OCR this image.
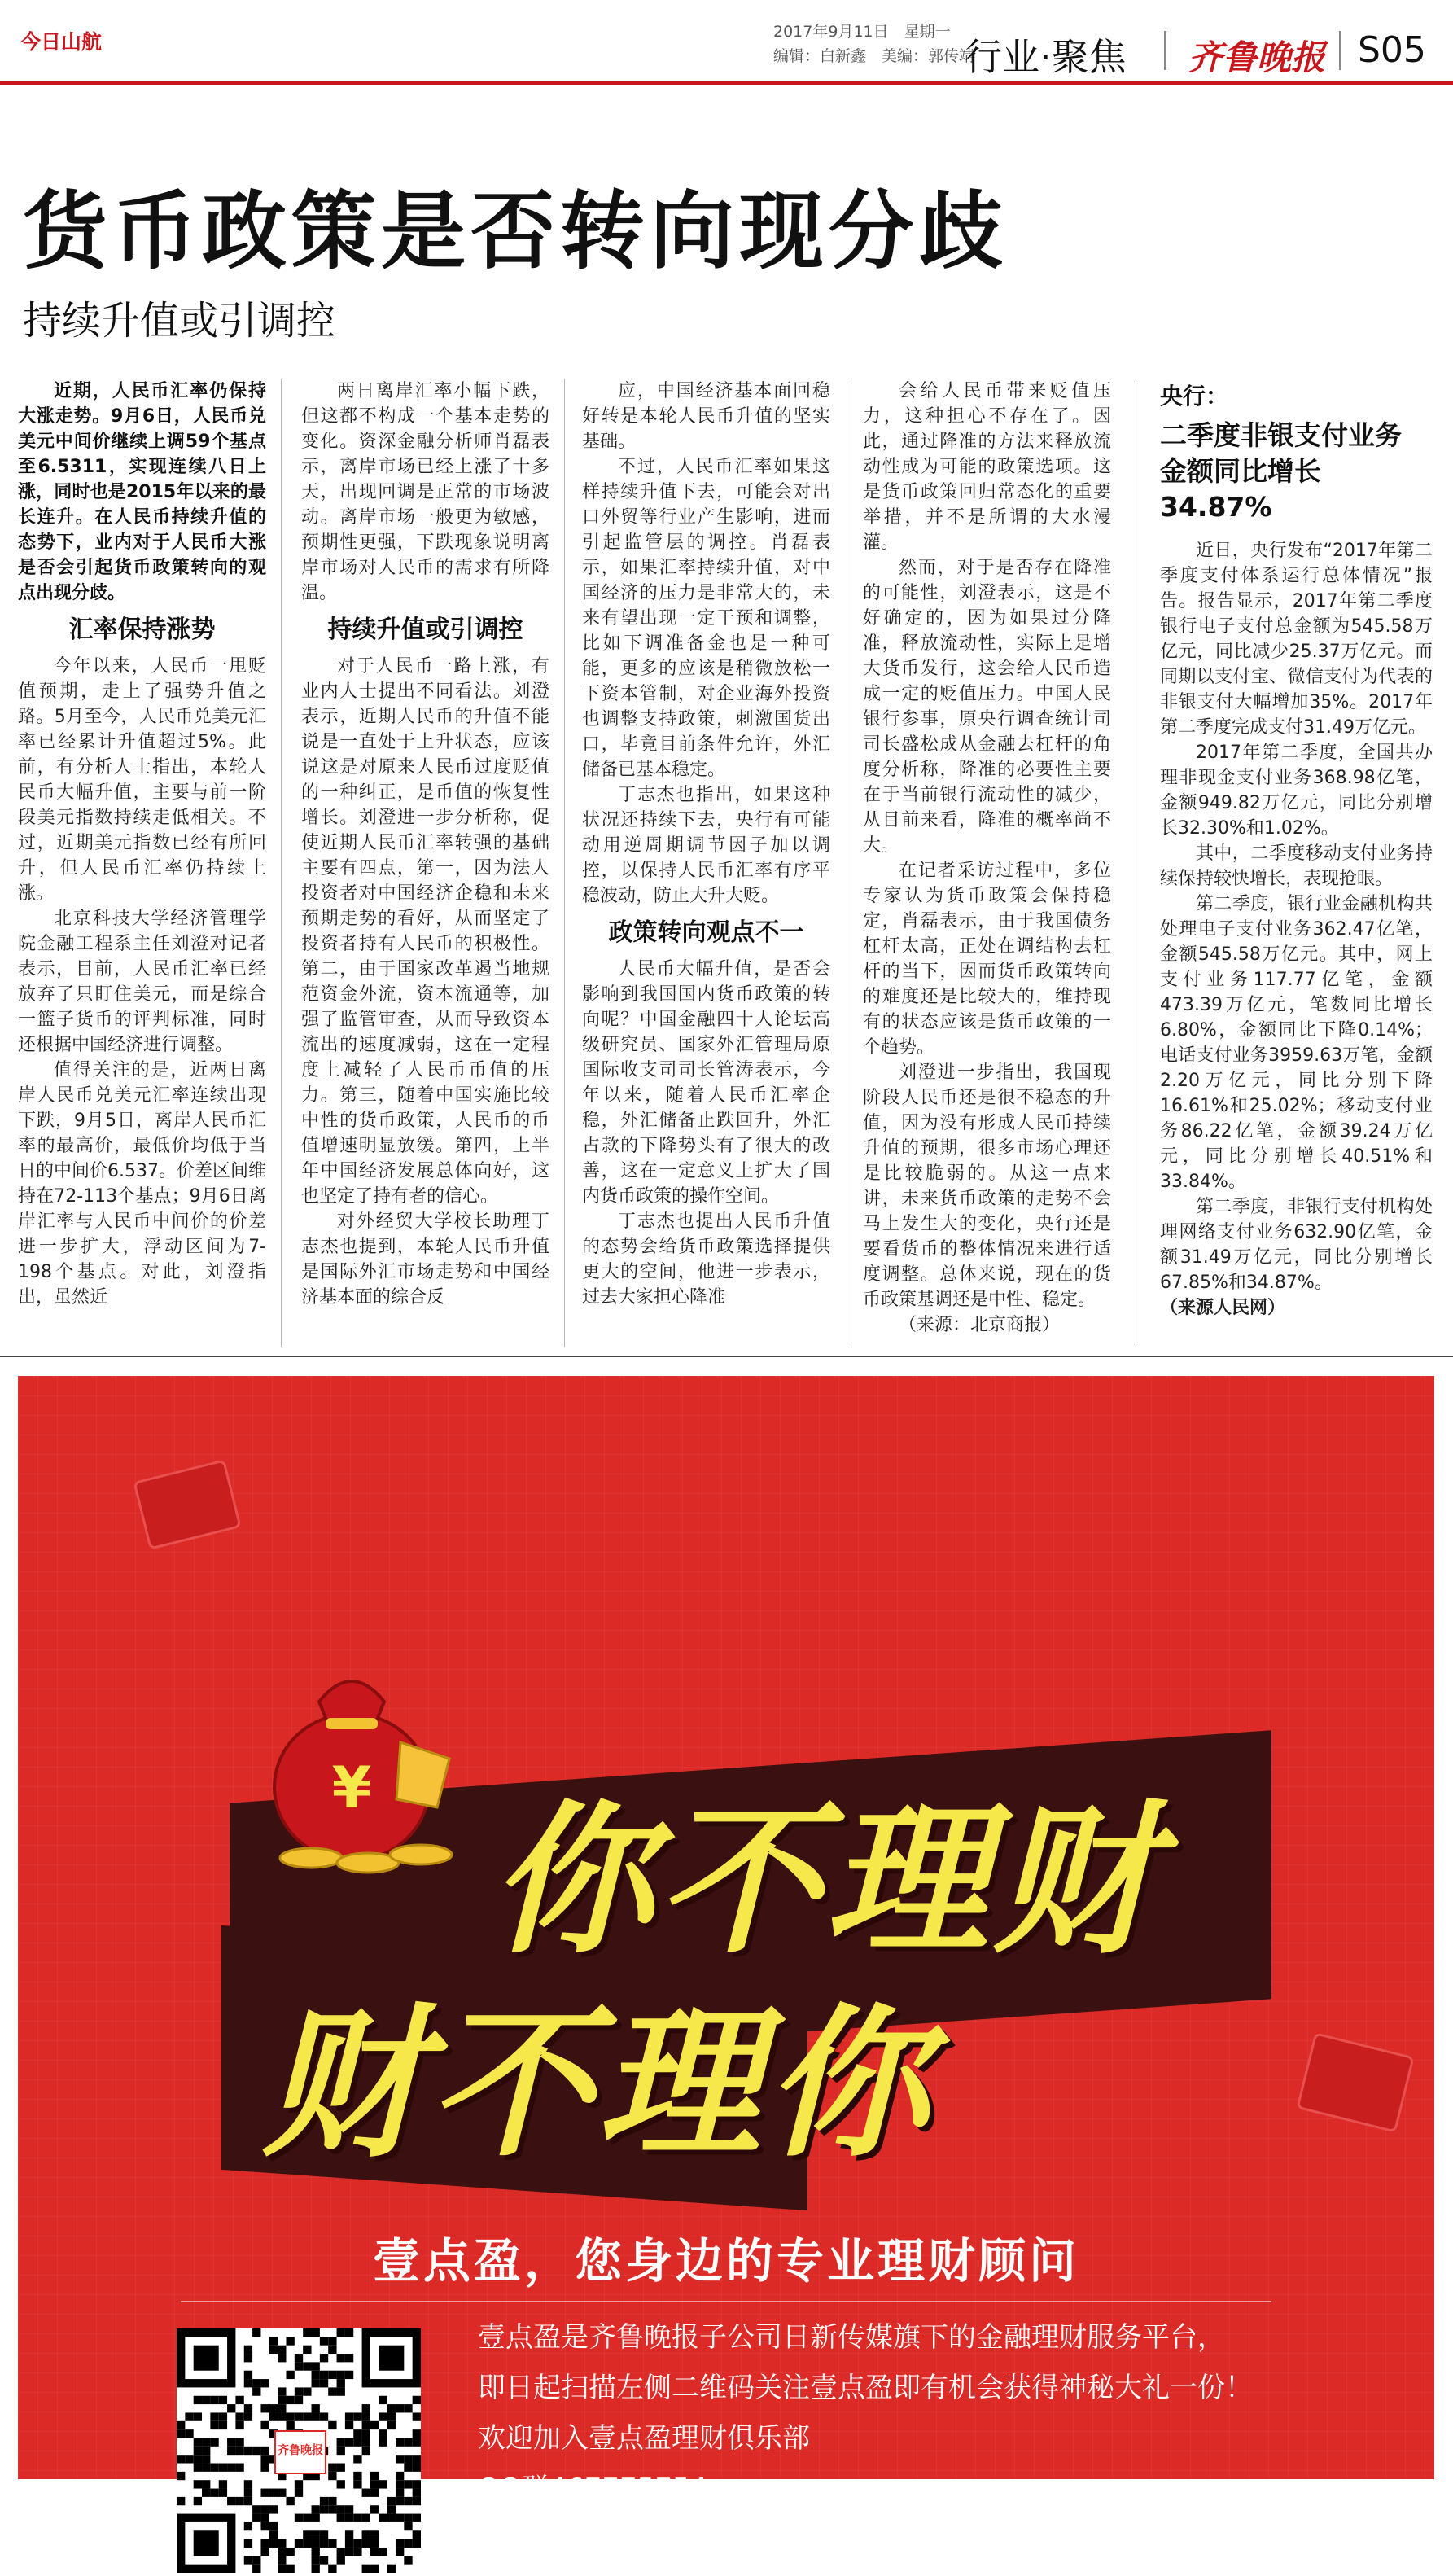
今日山航	2017年9月11日　星期一
编辑：白新鑫　美编：郭传靖
行业·聚焦 齐鲁晚报 S05
货币政策是否转向现分歧
持续升值或引调控

近期，人民币汇率仍保持大涨走势。9月6日，人民币兑美元中间价继续上调59个基点至6.5311，实现连续八日上涨，同时也是2015年以来的最长连升。在人民币持续升值的态势下，业内对于人民币大涨是否会引起货币政策转向的观点出现分歧。

汇率保持涨势

今年以来，人民币一甩贬值预期，走上了强势升值之路。5月至今，人民币兑美元汇率已经累计升值超过5%。此前，有分析人士指出，本轮人民币大幅升值，主要与前一阶段美元指数持续走低相关。不过，近期美元指数已经有所回升，但人民币汇率仍持续上涨。

北京科技大学经济管理学院金融工程系主任刘澄对记者表示，目前，人民币汇率已经放弃了只盯住美元，而是综合一篮子货币的评判标准，同时还根据中国经济进行调整。

值得关注的是，近两日离岸人民币兑美元汇率连续出现下跌，9月5日，离岸人民币汇率的最高价，最低价均低于当日的中间价6.537。价差区间维持在72-113个基点；9月6日离岸汇率与人民币中间价的价差进一步扩大，浮动区间为7-198个基点。对此，刘澄指出，虽然近

两日离岸汇率小幅下跌，但这都不构成一个基本走势的变化。资深金融分析师肖磊表示，离岸市场已经上涨了十多天，出现回调是正常的市场波动。离岸市场一般更为敏感，预期性更强，下跌现象说明离岸市场对人民币的需求有所降温。

持续升值或引调控

对于人民币一路上涨，有业内人士提出不同看法。刘澄表示，近期人民币的升值不能说是一直处于上升状态，应该说这是对原来人民币过度贬值的一种纠正，是币值的恢复性增长。刘澄进一步分析称，促使近期人民币汇率转强的基础主要有四点，第一，因为法人投资者对中国经济企稳和未来预期走势的看好，从而坚定了投资者持有人民币的积极性。第二，由于国家改革遏当地规范资金外流，资本流通等，加强了监管审查，从而导致资本流出的速度减弱，这在一定程度上减轻了人民币币值的压力。第三，随着中国实施比较中性的货币政策，人民币的币值增速明显放缓。第四，上半年中国经济发展总体向好，这也坚定了持有者的信心。

对外经贸大学校长助理丁志杰也提到，本轮人民币升值是国际外汇市场走势和中国经济基本面的综合反

应，中国经济基本面回稳好转是本轮人民币升值的坚实基础。

不过，人民币汇率如果这样持续升值下去，可能会对出口外贸等行业产生影响，进而引起监管层的调控。肖磊表示，如果汇率持续升值，对中国经济的压力是非常大的，未来有望出现一定干预和调整，比如下调准备金也是一种可能，更多的应该是稍微放松一下资本管制，对企业海外投资也调整支持政策，刺激国货出口，毕竟目前条件允许，外汇储备已基本稳定。

丁志杰也指出，如果这种状况还持续下去，央行有可能动用逆周期调节因子加以调控，以保持人民币汇率有序平稳波动，防止大升大贬。

政策转向观点不一

人民币大幅升值，是否会影响到我国国内货币政策的转向呢？中国金融四十人论坛高级研究员、国家外汇管理局原国际收支司司长管涛表示，今年以来，随着人民币汇率企稳，外汇储备止跌回升，外汇占款的下降势头有了很大的改善，这在一定意义上扩大了国内货币政策的操作空间。

丁志杰也提出人民币升值的态势会给货币政策选择提供更大的空间，他进一步表示，过去大家担心降准

会给人民币带来贬值压力，这种担心不存在了。因此，通过降准的方法来释放流动性成为可能的政策选项。这是货币政策回归常态化的重要举措，并不是所谓的大水漫灌。

然而，对于是否存在降准的可能性，刘澄表示，这是不好确定的，因为如果过分降准，释放流动性，实际上是增大货币发行，这会给人民币造成一定的贬值压力。中国人民银行参事，原央行调查统计司司长盛松成从金融去杠杆的角度分析称，降准的必要性主要在于当前银行流动性的减少，从目前来看，降准的概率尚不大。

在记者采访过程中，多位专家认为货币政策会保持稳定，肖磊表示，由于我国债务杠杆太高，正处在调结构去杠杆的当下，因而货币政策转向的难度还是比较大的，维持现有的状态应该是货币政策的一个趋势。

刘澄进一步指出，我国现阶段人民币还是很不稳态的升值，因为没有形成人民币持续升值的预期，很多市场心理还是比较脆弱的。从这一点来讲，未来货币政策的走势不会马上发生大的变化，央行还是要看货币的整体情况来进行适度调整。总体来说，现在的货币政策基调还是中性、稳定。

（来源：北京商报）

央行：
二季度非银支付业务
金额同比增长34.87%

近日，央行发布“2017年第二季度支付体系运行总体情况”报告。报告显示，2017年第二季度银行电子支付总金额为545.58万亿元，同比减少25.37万亿元。而同期以支付宝、微信支付为代表的非银支付大幅增加35%。2017年第二季度完成支付31.49万亿元。

2017年第二季度，全国共办理非现金支付业务368.98亿笔，金额949.82万亿元，同比分别增长32.30%和1.02%。

其中，二季度移动支付业务持续保持较快增长，表现抢眼。

第二季度，银行业金融机构共处理电子支付业务362.47亿笔，金额545.58万亿元。其中，网上支付业务117.77亿笔，金额473.39万亿元，笔数同比增长6.80%，金额同比下降0.14%；电话支付业务3959.63万笔，金额2.20万亿元，同比分别下降16.61%和25.02%；移动支付业务86.22亿笔，金额39.24万亿元，同比分别增长40.51%和33.84%。

第二季度，非银行支付机构处理网络支付业务632.90亿笔，金额31.49万亿元，同比分别增长67.85%和34.87%。

（来源人民网）

¥ 你不理财
财不理你
壹点盈，您身边的专业理财顾问
齐鲁晚报
壹点盈是齐鲁晚报子公司日新传媒旗下的金融理财服务平台，
即日起扫描左侧二维码关注壹点盈即有机会获得神秘大礼一份！
欢迎加入壹点盈理财俱乐部
QQ群467775754
咨询电话0531-85196807或85196728
